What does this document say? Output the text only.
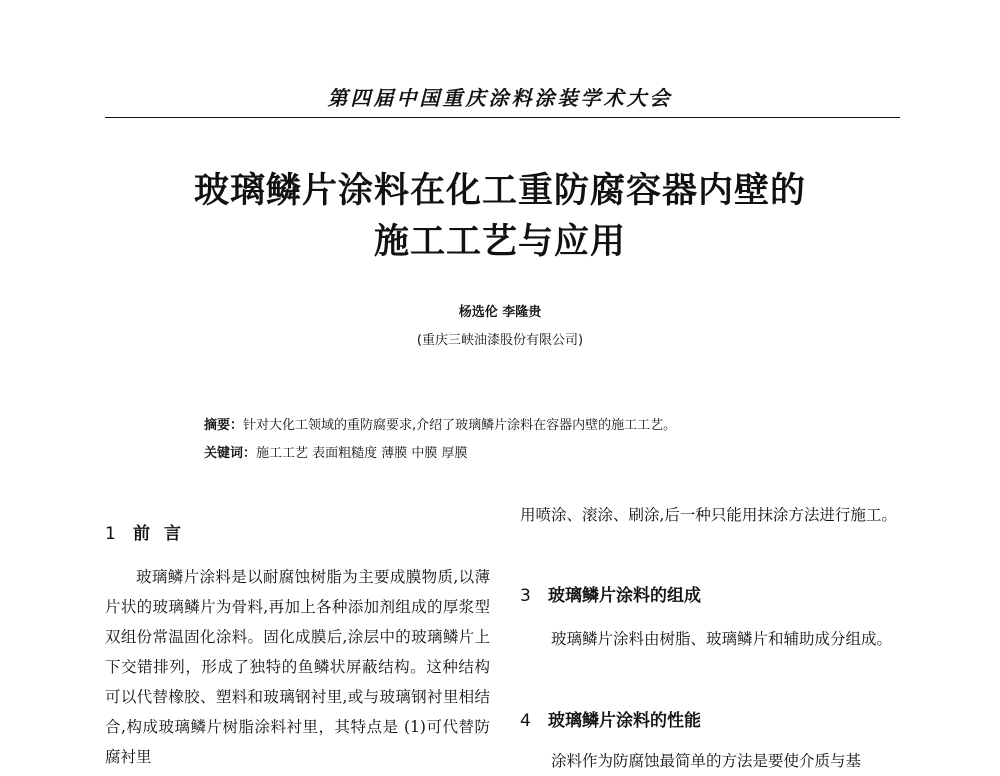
第四届中国重庆涂料涂装学术大会
玻璃鳞片涂料在化工重防腐容器内壁的
施工工艺与应用
杨选伦 李隆贵
(重庆三峡油漆股份有限公司)
摘要：针对大化工领域的重防腐要求,介绍了玻璃鳞片涂料在容器内壁的施工工艺。
关键词：施工工艺 表面粗糙度 薄膜 中膜 厚膜
1 前言

玻璃鳞片涂料是以耐腐蚀树脂为主要成膜物质,以薄片状的玻璃鳞片为骨料,再加上各种添加剂组成的厚浆型双组份常温固化涂料。固化成膜后,涂层中的玻璃鳞片上下交错排列，形成了独特的鱼鳞状屏蔽结构。这种结构可以代替橡胶、塑料和玻璃钢衬里,或与玻璃钢衬里相结合,构成玻璃鳞片树脂涂料衬里，其特点是 (1)可代替防腐衬里

用喷涂、滚涂、刷涂,后一种只能用抹涂方法进行施工。

3 玻璃鳞片涂料的组成

玻璃鳞片涂料由树脂、玻璃鳞片和辅助成分组成。

4 玻璃鳞片涂料的性能

涂料作为防腐蚀最简单的方法是要使介质与基
